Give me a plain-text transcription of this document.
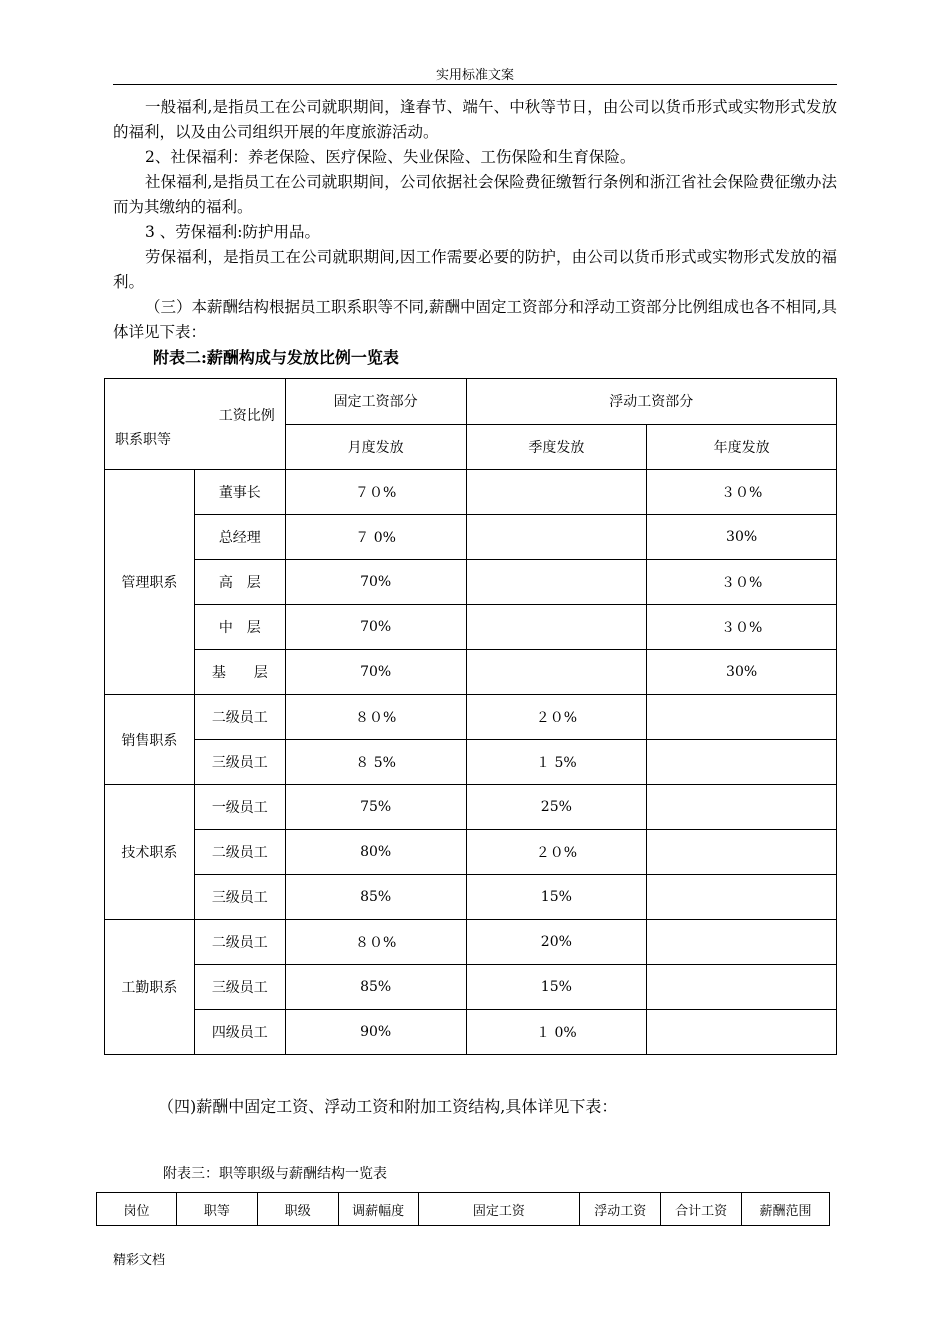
实用标准文案

一般福利,是指员工在公司就职期间，逢春节、端午、中秋等节日，由公司以货币形式或实物形式发放的福利，以及由公司组织开展的年度旅游活动。

2、社保福利：养老保险、医疗保险、失业保险、工伤保险和生育保险。

社保福利,是指员工在公司就职期间，公司依据社会保险费征缴暂行条例和浙江省社会保险费征缴办法而为其缴纳的福利。

3 、劳保福利:防护用品。

劳保福利，是指员工在公司就职期间,因工作需要必要的防护，由公司以货币形式或实物形式发放的福利。

（三）本薪酬结构根据员工职系职等不同,薪酬中固定工资部分和浮动工资部分比例组成也各不相同,具体详见下表：

附表二:薪酬构成与发放比例一览表
工资比例
职系职等		固定工资部分	浮动工资部分	
		月度发放	季度发放	年度发放
管理职系	董事长	７０%		３０%
	总经理	７ 0%		30%
	高　层	70%		３０%
	中　层	70%		３０%
	基　　层	70%		30%
销售职系	二级员工	８０%	２０%	
	三级员工	８ 5%	１ 5%	
技术职系	一级员工	75%	25%	
	二级员工	80%	２０%	
	三级员工	85%	15%	
工勤职系	二级员工	８０%	20%	
	三级员工	85%	15%	
	四级员工	90%	１ 0%	
（四)薪酬中固定工资、浮动工资和附加工资结构,具体详见下表：
附表三：职等职级与薪酬结构一览表
岗位	职等	职级	调薪幅度	固定工资	浮动工资	合计工资	薪酬范围
精彩文档
